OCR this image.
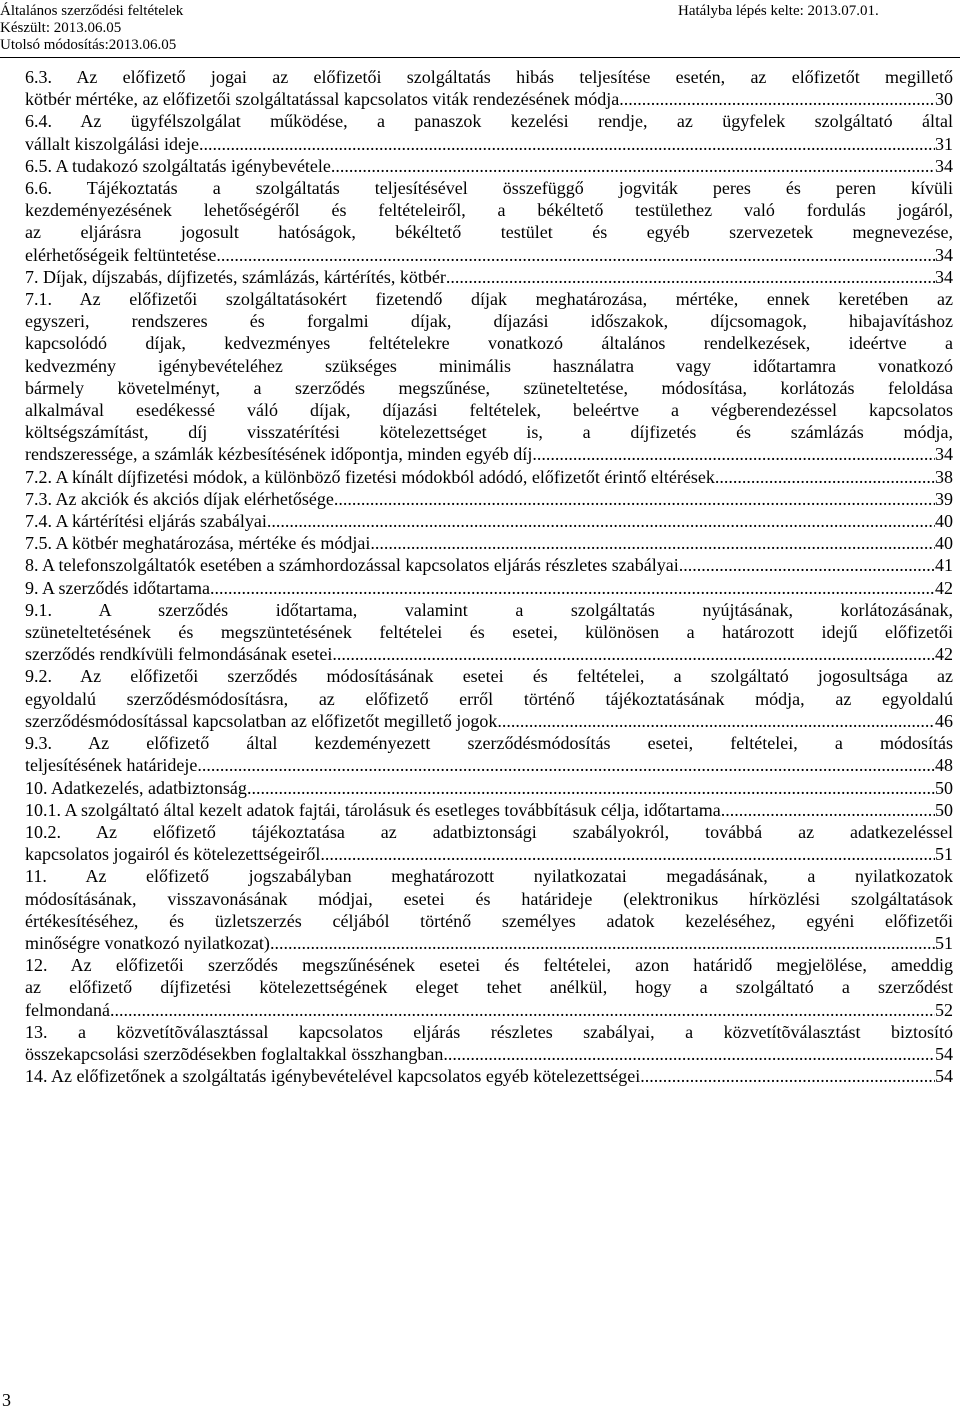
Általános szerződési feltételek
Készült: 2013.06.05
Utolsó módosítás:2013.06.05
Hatályba lépés kelte: 2013.07.01.
6.3. Az előfizető jogai az előfizetői szolgáltatás hibás teljesítése esetén, az előfizetőt megillető
kötbér mértéke, az előfizetői szolgáltatással kapcsolatos viták rendezésének módja .....	30
6.4. Az ügyfélszolgálat működése, a panaszok kezelési rendje, az ügyfelek szolgáltató által
vállalt kiszolgálási ideje .....	31
6.5. A tudakozó szolgáltatás igénybevétele .....	34
6.6. Tájékoztatás a szolgáltatás teljesítésével összefüggő jogviták peres és peren kívüli
kezdeményezésének lehetőségéről és feltételeiről, a békéltető testülethez való fordulás jogáról,
az eljárásra jogosult hatóságok, békéltető testület és egyéb szervezetek megnevezése,
elérhetőségeik feltüntetése .....	34
7. Díjak, díjszabás, díjfizetés, számlázás, kártérítés, kötbér .....	34
7.1. Az előfizetői szolgáltatásokért fizetendő díjak meghatározása, mértéke, ennek keretében az
egyszeri, rendszeres és forgalmi díjak, díjazási időszakok, díjcsomagok, hibajavításhoz
kapcsolódó díjak, kedvezményes feltételekre vonatkozó általános rendelkezések, ideértve a
kedvezmény igénybevételéhez szükséges minimális használatra vagy időtartamra vonatkozó
bármely követelményt, a szerződés megszűnése, szüneteltetése, módosítása, korlátozás feloldása
alkalmával esedékessé váló díjak, díjazási feltételek, beleértve a végberendezéssel kapcsolatos
költségszámítást, díj visszatérítési kötelezettséget is, a díjfizetés és számlázás módja,
rendszeressége, a számlák kézbesítésének időpontja, minden egyéb díj .....	34
7.2. A kínált díjfizetési módok, a különböző fizetési módokból adódó, előfizetőt érintő eltérések .....	38
7.3. Az akciók és akciós díjak elérhetősége .....	39
7.4. A kártérítési eljárás szabályai .....	40
7.5. A kötbér meghatározása, mértéke és módjai .....	40
8. A telefonszolgáltatók esetében a számhordozással kapcsolatos eljárás részletes szabályai .....	41
9. A szerződés időtartama .....	42
9.1. A szerződés időtartama, valamint a szolgáltatás nyújtásának, korlátozásának,
szüneteltetésének és megszüntetésének feltételei és esetei, különösen a határozott idejű előfizetői
szerződés rendkívüli felmondásának esetei .....	42
9.2. Az előfizetői szerződés módosításának esetei és feltételei, a szolgáltató jogosultsága az
egyoldalú szerződésmódosításra, az előfizető erről történő tájékoztatásának módja, az egyoldalú
szerződésmódosítással kapcsolatban az előfizetőt megillető jogok .....	46
9.3. Az előfizető által kezdeményezett szerződésmódosítás esetei, feltételei, a módosítás
teljesítésének határideje .....	48
10. Adatkezelés, adatbiztonság .....	50
10.1. A szolgáltató által kezelt adatok fajtái, tárolásuk és esetleges továbbításuk célja, időtartama .....	50
10.2. Az előfizető tájékoztatása az adatbiztonsági szabályokról, továbbá az adatkezeléssel
kapcsolatos jogairól és kötelezettségeiről .....	51
11. Az előfizető jogszabályban meghatározott nyilatkozatai megadásának, a nyilatkozatok
módosításának, visszavonásának módjai, esetei és határideje (elektronikus hírközlési szolgáltatások
értékesítéséhez, és üzletszerzés céljából történő személyes adatok kezeléséhez, egyéni előfizetői
minőségre vonatkozó nyilatkozat) .....	51
12. Az előfizetői szerződés megszűnésének esetei és feltételei, azon határidő megjelölése, ameddig
az előfizető díjfizetési kötelezettségének eleget tehet anélkül, hogy a szolgáltató a szerződést
felmondaná .....	52
13. a közvetítõválasztással kapcsolatos eljárás részletes szabályai, a közvetítõválasztást biztosító
összekapcsolási szerzõdésekben foglaltakkal összhangban .....	54
14. Az előfizetőnek a szolgáltatás igénybevételével kapcsolatos egyéb kötelezettségei .....	54
3
